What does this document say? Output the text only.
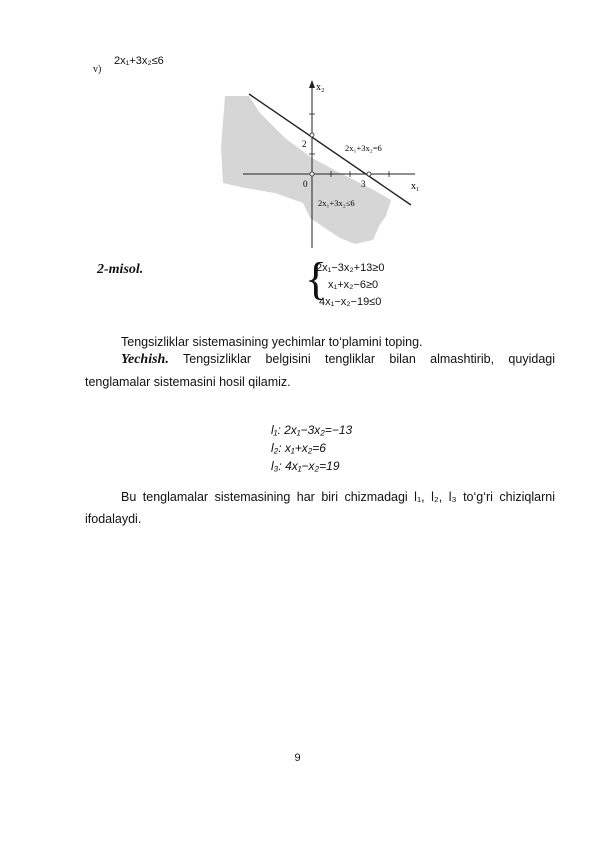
v)
2x₁+3x₂≤6
x₂
x₁
0
2
3
2x₁+3x₂=6
2x₁+3x₂≤6
2-misol.	{
2x₁−3x₂+13≥0
x₁+x₂−6≥0
4x₁−x₂−19≤0
Tengsizliklar sistemasining yechimlar to‘plamini toping.
Yechish. Tengsizliklar belgisini tengliklar bilan almashtirib, quyidagi tenglamalar sistemasini hosil qilamiz.
l₁: 2x₁−3x₂=−13
l₂: x₁+x₂=6
l₃: 4x₁−x₂=19
Bu tenglamalar sistemasining har biri chizmadagi l₁, l₂, l₃ to‘g‘ri chiziqlarni ifodalaydi.
9
